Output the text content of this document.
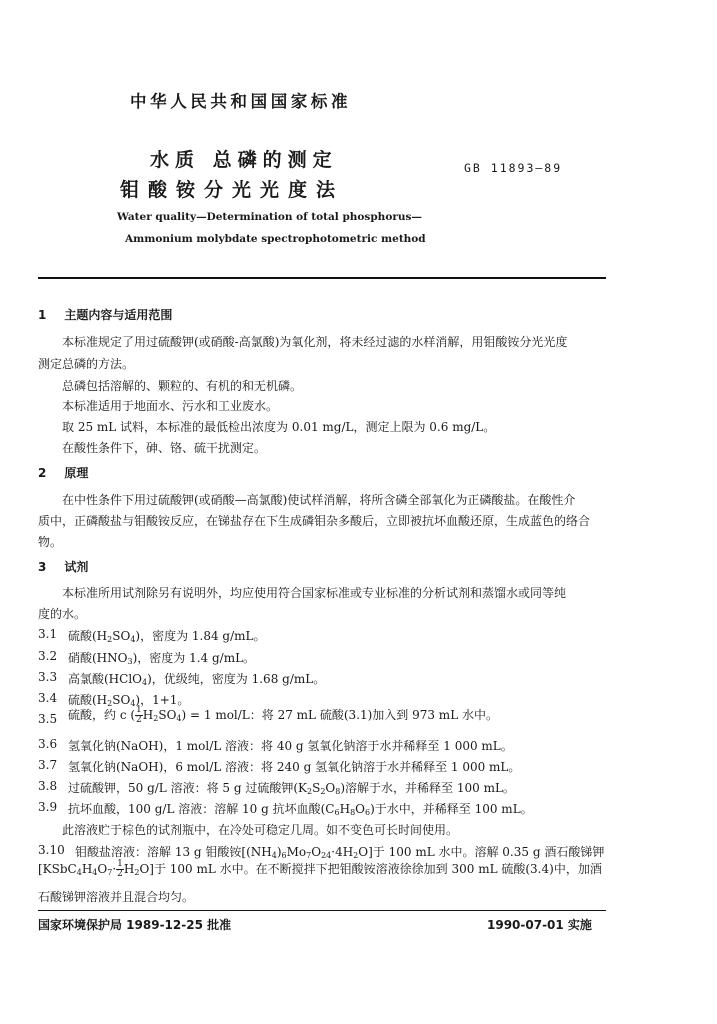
中华人民共和国国家标准
水质 总磷的测定
钼酸铵分光光度法
GB 11893—89
Water quality—Determination of total phosphorus—
Ammonium molybdate spectrophotometric method
1 主题内容与适用范围
本标准规定了用过硫酸钾(或硝酸-高氯酸)为氧化剂，将未经过滤的水样消解，用钼酸铵分光光度
测定总磷的方法。
总磷包括溶解的、颗粒的、有机的和无机磷。
本标准适用于地面水、污水和工业废水。
取 25 mL 试料，本标准的最低检出浓度为 0.01 mg/L，测定上限为 0.6 mg/L。
在酸性条件下，砷、铬、硫干扰测定。
2 原理
在中性条件下用过硫酸钾(或硝酸—高氯酸)使试样消解，将所含磷全部氧化为正磷酸盐。在酸性介
质中，正磷酸盐与钼酸铵反应，在锑盐存在下生成磷钼杂多酸后，立即被抗坏血酸还原，生成蓝色的络合
物。
3 试剂
本标准所用试剂除另有说明外，均应使用符合国家标准或专业标准的分析试剂和蒸馏水或同等纯
度的水。
3.1 硫酸$(H_2SO_4)$，密度为 1.84 g/mL。
3.2 硝酸$(HNO_3)$，密度为 1.4 g/mL。
3.3 高氯酸(HClO$_4$)，优级纯，密度为 1.68 g/mL。
3.4 硫酸$(H_2SO_4)$，1+1。
3.5 硫酸，约 c ( $\frac{1}{2} H_2SO_4) = 1$ mol/L：将 27 mL 硫酸(3.1)加入到 973 mL 水中。
3.6 氢氧化钠(NaOH)，1 mol/L 溶液：将 40 g 氢氧化钠溶于水并稀释至 1 000 mL。
3.7 氢氧化钠(NaOH)，6 mol/L 溶液：将 240 g 氢氧化钠溶于水并稀释至 1 000 mL。
3.8 过硫酸钾，50 g/L 溶液：将 5 g 过硫酸钾$(K_2S_2O_8)$溶解于水，并稀释至 100 mL。
3.9 抗坏血酸，100 g/L 溶液：溶解 10 g 抗坏血酸$(C_6H_8O_6)$于水中，并稀释至 100 mL。
此溶液贮于棕色的试剂瓶中，在冷处可稳定几周。如不变色可长时间使用。
3.10 钼酸盐溶液：溶解 13 g 钼酸铵$[(NH_4)_6Mo_7O_{24}\cdot 4H_2O]$于 100 mL 水中。溶解 0.35 g 酒石酸锑钾
$[KSbC_4H_4O_7\cdot \frac{1}{2} H_2O]$于 100 mL 水中。在不断搅拌下把钼酸铵溶液徐徐加到 300 mL 硫酸(3.4)中，加酒
石酸锑钾溶液并且混合均匀。
国家环境保护局 1989-12-25 批准	1990-07-01 实施
